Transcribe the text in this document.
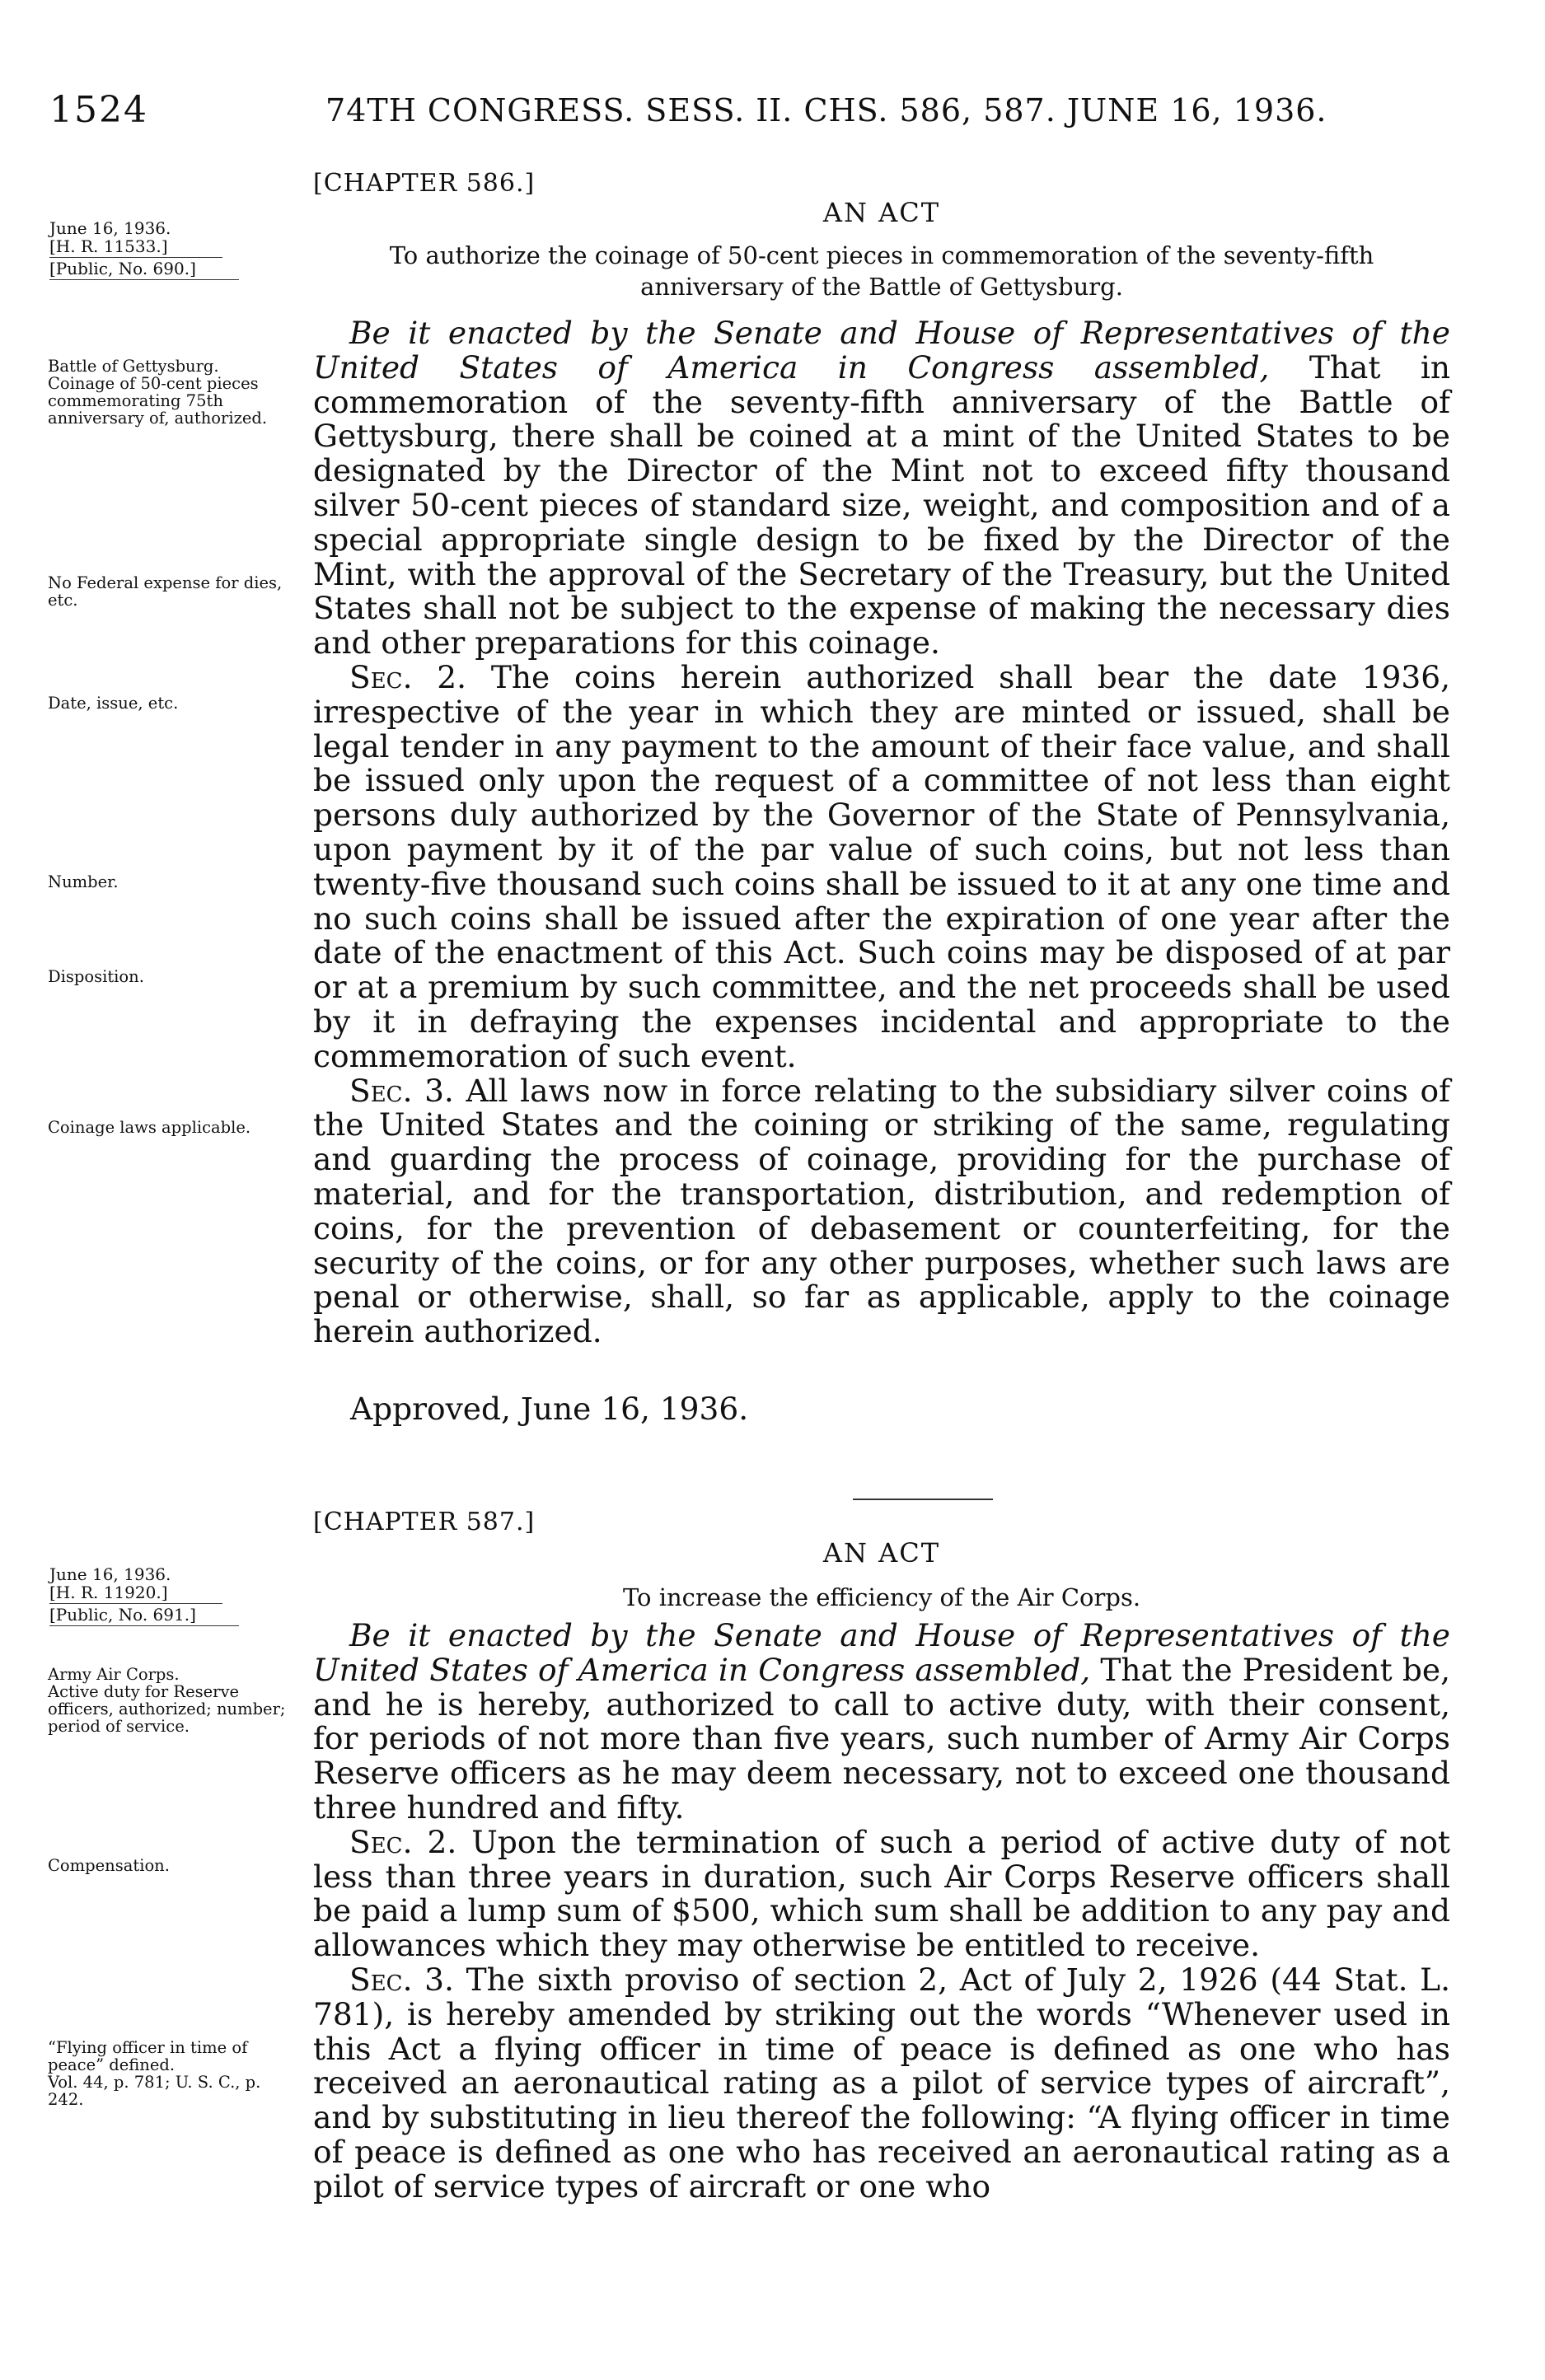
1524	74TH CONGRESS. SESS. II. CHS. 586, 587. JUNE 16, 1936.
[CHAPTER 586.]
AN ACT
To authorize the coinage of 50-cent pieces in commemoration of the seventy-fifth
anniversary of the Battle of Gettysburg.
June 16, 1936.
[H. R. 11533.]
[Public, No. 690.]

Be it enacted by the Senate and House of Representatives of the United States of America in Congress assembled, That in commemoration of the seventy-fifth anniversary of the Battle of Gettysburg, there shall be coined at a mint of the United States to be designated by the Director of the Mint not to exceed fifty thousand silver 50-cent pieces of standard size, weight, and composition and of a special appropriate single design to be fixed by the Director of the Mint, with the approval of the Secretary of the Treasury, but the United States shall not be subject to the expense of making the necessary dies and other preparations for this coinage.

Sec. 2. The coins herein authorized shall bear the date 1936, irrespective of the year in which they are minted or issued, shall be legal tender in any payment to the amount of their face value, and shall be issued only upon the request of a committee of not less than eight persons duly authorized by the Governor of the State of Pennsylvania, upon payment by it of the par value of such coins, but not less than twenty-five thousand such coins shall be issued to it at any one time and no such coins shall be issued after the expiration of one year after the date of the enactment of this Act. Such coins may be disposed of at par or at a premium by such committee, and the net proceeds shall be used by it in defraying the expenses incidental and appropriate to the commemoration of such event.

Sec. 3. All laws now in force relating to the subsidiary silver coins of the United States and the coining or striking of the same, regulating and guarding the process of coinage, providing for the purchase of material, and for the transportation, distribution, and redemption of coins, for the prevention of debasement or counterfeiting, for the security of the coins, or for any other purposes, whether such laws are penal or otherwise, shall, so far as applicable, apply to the coinage herein authorized.

Approved, June 16, 1936.
Battle of Gettysburg.
Coinage of 50-cent pieces commemorating 75th anniversary of, authorized.
No Federal expense for dies, etc.
Date, issue, etc.
Number.
Disposition.
Coinage laws applicable.
[CHAPTER 587.]
AN ACT
To increase the efficiency of the Air Corps.
June 16, 1936.
[H. R. 11920.]
[Public, No. 691.]

Be it enacted by the Senate and House of Representatives of the United States of America in Congress assembled, That the President be, and he is hereby, authorized to call to active duty, with their consent, for periods of not more than five years, such number of Army Air Corps Reserve officers as he may deem necessary, not to exceed one thousand three hundred and fifty.

Sec. 2. Upon the termination of such a period of active duty of not less than three years in duration, such Air Corps Reserve officers shall be paid a lump sum of $500, which sum shall be addition to any pay and allowances which they may otherwise be entitled to receive.

Sec. 3. The sixth proviso of section 2, Act of July 2, 1926 (44 Stat. L. 781), is hereby amended by striking out the words “Whenever used in this Act a flying officer in time of peace is defined as one who has received an aeronautical rating as a pilot of service types of aircraft”, and by substituting in lieu thereof the following: “A flying officer in time of peace is defined as one who has received an aeronautical rating as a pilot of service types of aircraft or one who

Army Air Corps.
Active duty for Reserve officers, authorized; number; period of service.
Compensation.
“Flying officer in time of peace” defined.
Vol. 44, p. 781; U. S. C., p. 242.
